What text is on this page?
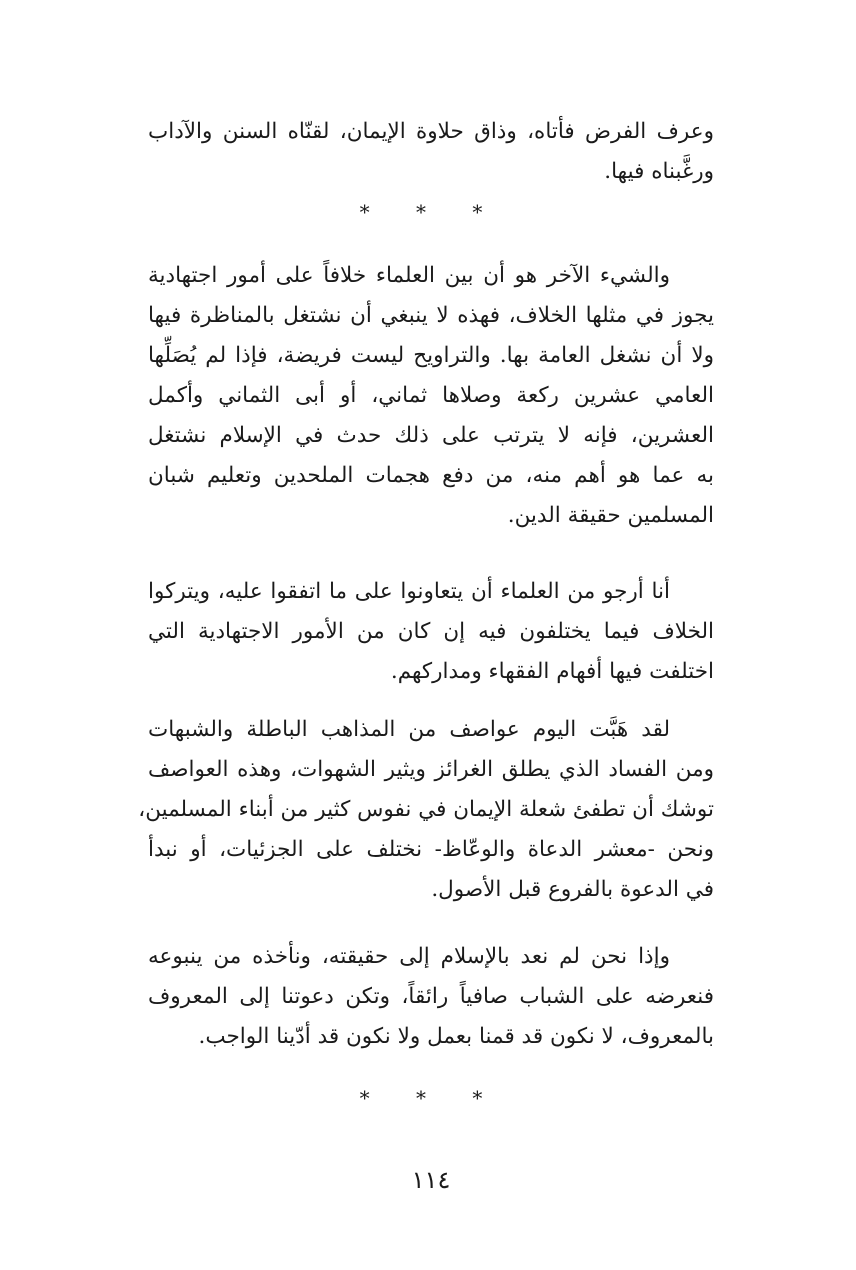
وعرف الفرض فأتاه، وذاق حلاوة الإيمان، لقنّاه السنن والآداب
ورغَّبناه فيها.
* * *
والشيء الآخر هو أن بين العلماء خلافاً على أمور اجتهادية
يجوز في مثلها الخلاف، فهذه لا ينبغي أن نشتغل بالمناظرة فيها
ولا أن نشغل العامة بها. والتراويح ليست فريضة، فإذا لم يُصَلِّها
العامي عشرين ركعة وصلاها ثماني، أو أبى الثماني وأكمل
العشرين، فإنه لا يترتب على ذلك حدث في الإسلام نشتغل
به عما هو أهم منه، من دفع هجمات الملحدين وتعليم شبان
المسلمين حقيقة الدين.
أنا أرجو من العلماء أن يتعاونوا على ما اتفقوا عليه، ويتركوا
الخلاف فيما يختلفون فيه إن كان من الأمور الاجتهادية التي
اختلفت فيها أفهام الفقهاء ومداركهم.
لقد هَبَّت اليوم عواصف من المذاهب الباطلة والشبهات
ومن الفساد الذي يطلق الغرائز ويثير الشهوات، وهذه العواصف
توشك أن تطفئ شعلة الإيمان في نفوس كثير من أبناء المسلمين،
ونحن -معشر الدعاة والوعّاظ- نختلف على الجزئيات، أو نبدأ
في الدعوة بالفروع قبل الأصول.
وإذا نحن لم نعد بالإسلام إلى حقيقته، ونأخذه من ينبوعه
فنعرضه على الشباب صافياً رائقاً، وتكن دعوتنا إلى المعروف
بالمعروف، لا نكون قد قمنا بعمل ولا نكون قد أدّينا الواجب.
* * *
١١٤
